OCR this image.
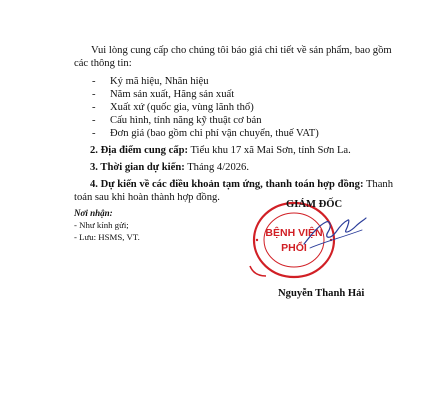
Vui lòng cung cấp cho chúng tôi báo giá chi tiết về sản phẩm, bao gồm
các thông tin:
- Ký mã hiệu, Nhãn hiệu
- Năm sản xuất, Hãng sản xuất
- Xuất xứ (quốc gia, vùng lãnh thổ)
- Cấu hình, tính năng kỹ thuật cơ bản
- Đơn giá (bao gồm chi phí vận chuyển, thuế VAT)
2. Địa điểm cung cấp: Tiểu khu 17 xã Mai Sơn, tỉnh Sơn La.
3. Thời gian dự kiến: Tháng 4/2026.
4. Dự kiến về các điều khoản tạm ứng, thanh toán hợp đồng: Thanh
toán sau khi hoàn thành hợp đồng.
Nơi nhận:
- Như kính gửi;
- Lưu: HSMS, VT.	BỆNH VIỆN
PHỔI
GIÁM ĐỐC
Nguyễn Thanh Hải
